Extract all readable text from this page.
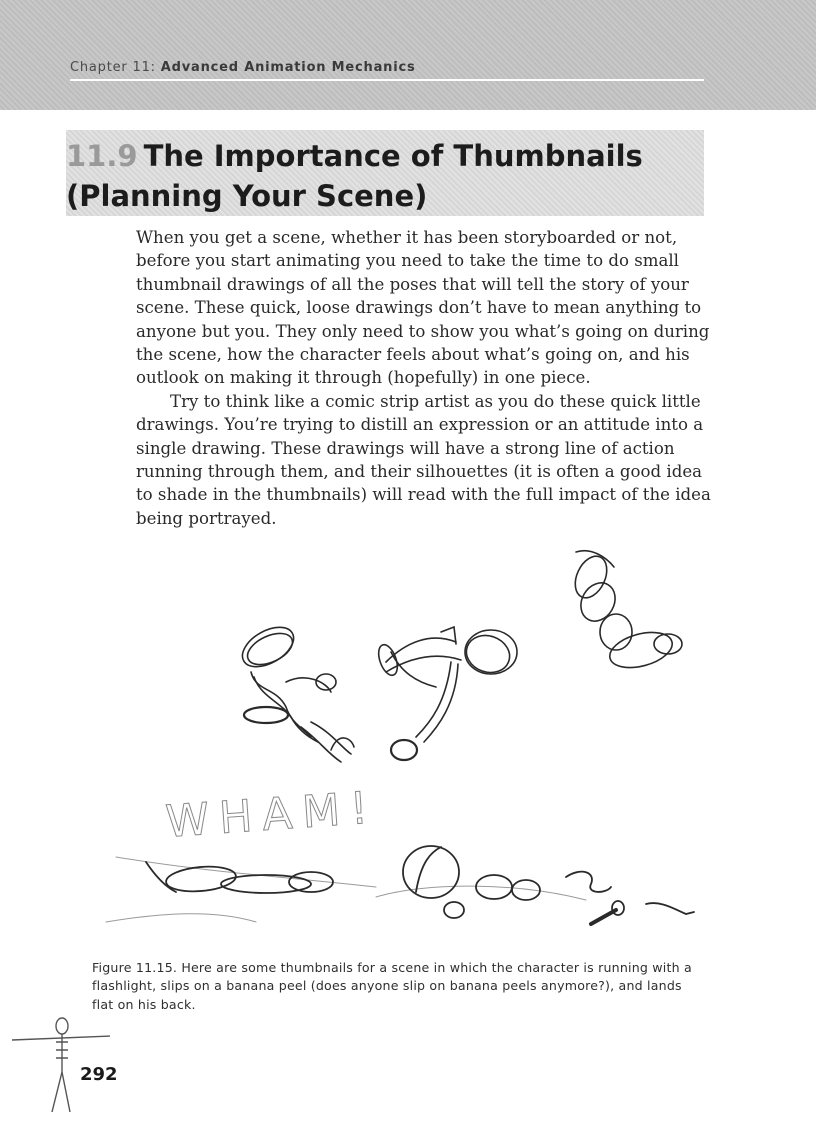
Chapter 11: Advanced Animation Mechanics
11.9 The Importance of Thumbnails (Planning Your Scene)

When you get a scene, whether it has been storyboarded or not, before you start animating you need to take the time to do small thumbnail drawings of all the poses that will tell the story of your scene. These quick, loose drawings don’t have to mean anything to anyone but you. They only need to show you what’s going on during the scene, how the character feels about what’s going on, and his outlook on making it through (hopefully) in one piece.

Try to think like a comic strip artist as you do these quick little drawings. You’re trying to distill an expression or an attitude into a single drawing. These drawings will have a strong line of action running through them, and their silhouettes (it is often a good idea to shade in the thumbnails) will read with the full impact of the idea being portrayed.

WHAM!

Figure 11.15. Here are some thumbnails for a scene in which the character is running with a flashlight, slips on a banana peel (does anyone slip on banana peels anymore?), and lands flat on his back.

292
